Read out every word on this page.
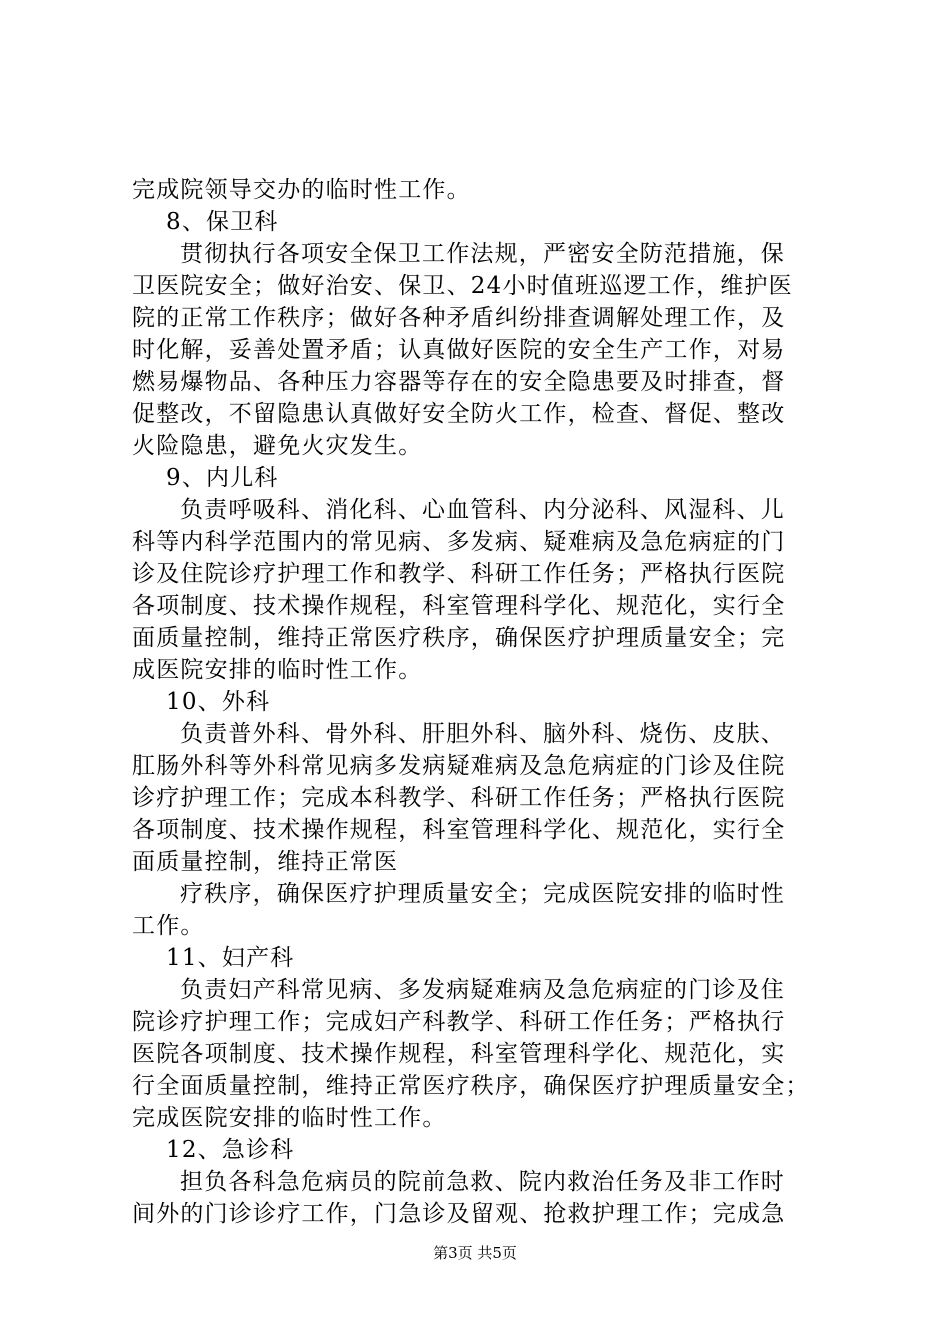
完成院领导交办的临时性工作。
8、保卫科
贯彻执行各项安全保卫工作法规，严密安全防范措施，保
卫医院安全；做好治安、保卫、24小时值班巡逻工作，维护医
院的正常工作秩序；做好各种矛盾纠纷排查调解处理工作，及
时化解，妥善处置矛盾；认真做好医院的安全生产工作，对易
燃易爆物品、各种压力容器等存在的安全隐患要及时排查，督
促整改，不留隐患认真做好安全防火工作，检查、督促、整改
火险隐患，避免火灾发生。
9、内儿科
负责呼吸科、消化科、心血管科、内分泌科、风湿科、儿
科等内科学范围内的常见病、多发病、疑难病及急危病症的门
诊及住院诊疗护理工作和教学、科研工作任务；严格执行医院
各项制度、技术操作规程，科室管理科学化、规范化，实行全
面质量控制，维持正常医疗秩序，确保医疗护理质量安全；完
成医院安排的临时性工作。
10、外科
负责普外科、骨外科、肝胆外科、脑外科、烧伤、皮肤、
肛肠外科等外科常见病多发病疑难病及急危病症的门诊及住院
诊疗护理工作；完成本科教学、科研工作任务；严格执行医院
各项制度、技术操作规程，科室管理科学化、规范化，实行全
面质量控制，维持正常医
疗秩序，确保医疗护理质量安全；完成医院安排的临时性
工作。
11、妇产科
负责妇产科常见病、多发病疑难病及急危病症的门诊及住
院诊疗护理工作；完成妇产科教学、科研工作任务；严格执行
医院各项制度、技术操作规程，科室管理科学化、规范化，实
行全面质量控制，维持正常医疗秩序，确保医疗护理质量安全；
完成医院安排的临时性工作。
12、急诊科
担负各科急危病员的院前急救、院内救治任务及非工作时
间外的门诊诊疗工作，门急诊及留观、抢救护理工作；完成急
第3页 共5页
